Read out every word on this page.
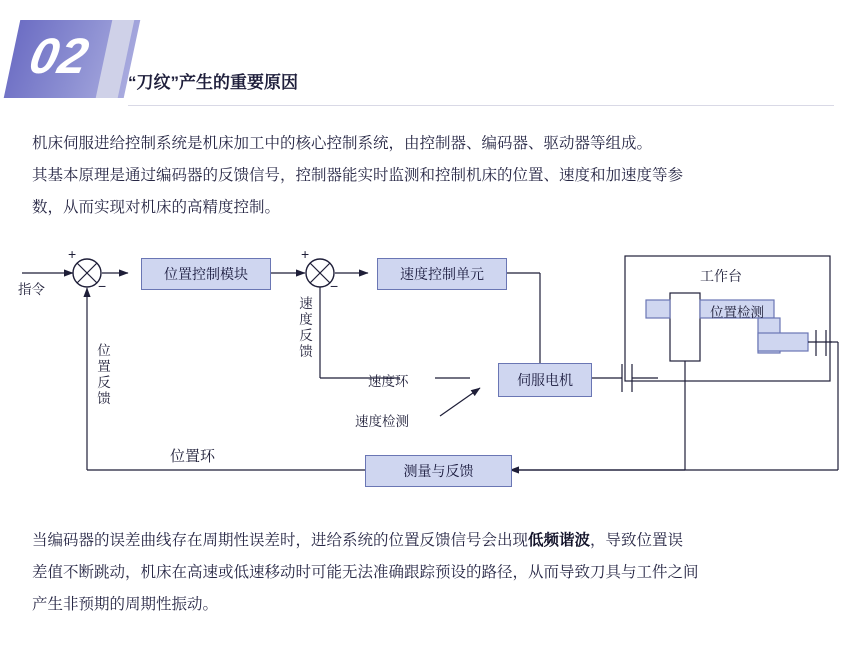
02 “刀纹”产生的重要原因
机床伺服进给控制系统是机床加工中的核心控制系统，由控制器、编码器、驱动器等组成。
其基本原理是通过编码器的反馈信号，控制器能实时监测和控制机床的位置、速度和加速度等参
数，从而实现对机床的高精度控制。
指令
+
−
+
−
位置控制模块	速度控制单元
伺服电机
测量与反馈
工作台
位置检测
速度反馈
位置反馈
速度环
速度检测
位置环
当编码器的误差曲线存在周期性误差时，进给系统的位置反馈信号会出现低频谐波，导致位置误
差值不断跳动，机床在高速或低速移动时可能无法准确跟踪预设的路径，从而导致刀具与工件之间
产生非预期的周期性振动。
